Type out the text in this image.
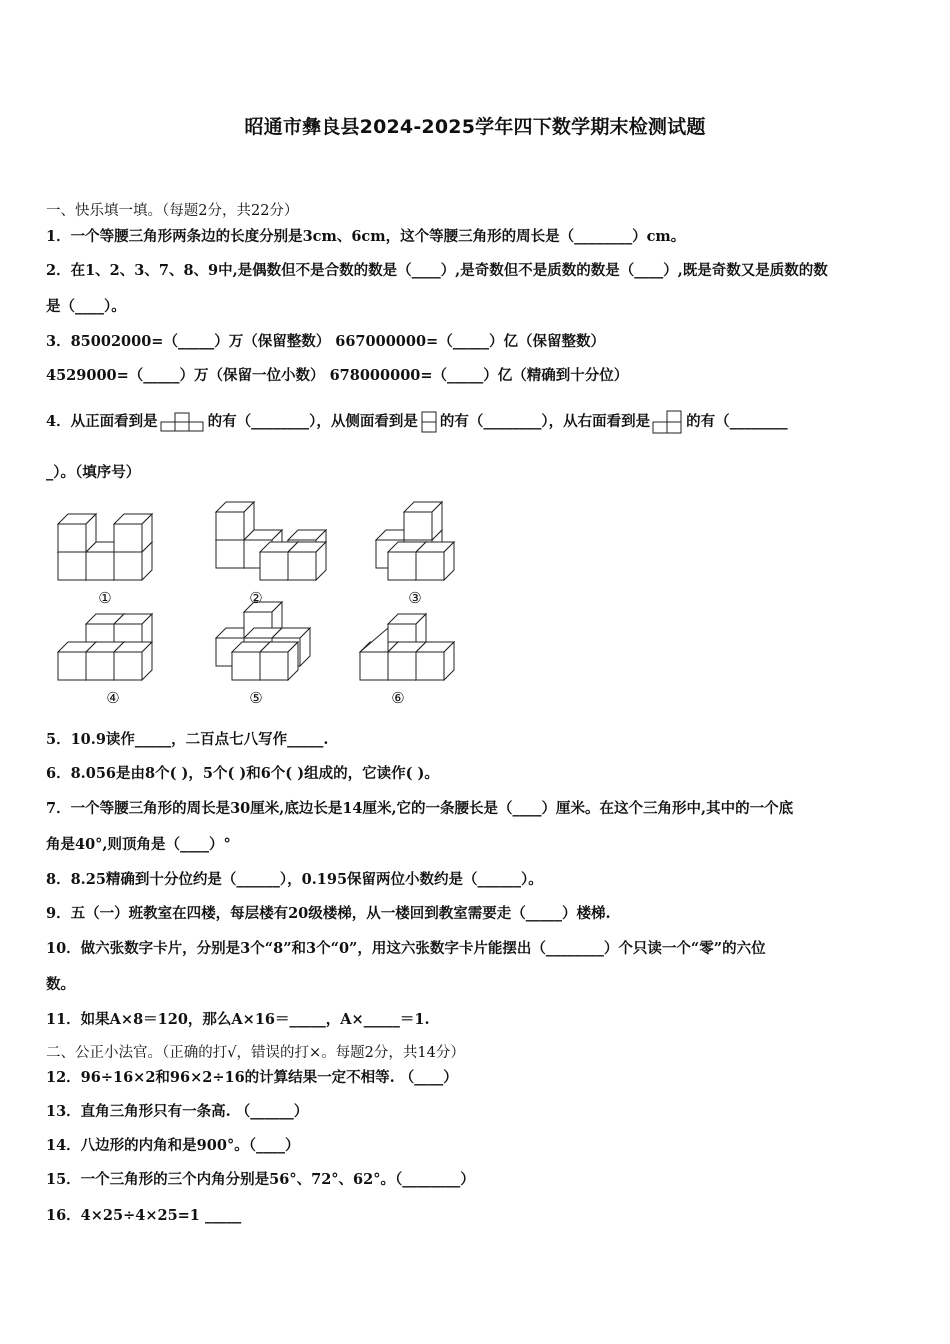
昭通市彝良县2024-2025学年四下数学期末检测试题
一、快乐填一填。（每题2分，共22分）
1．一个等腰三角形两条边的长度分别是3cm、6cm，这个等腰三角形的周长是（________）cm。
2．在1、2、3、7、8、9中,是偶数但不是合数的数是（____）,是奇数但不是质数的数是（____）,既是奇数又是质数的数
是（____）。
3．85002000=（_____）万（保留整数） 667000000=（_____）亿（保留整数）
4529000=（_____）万（保留一位小数） 678000000=（_____）亿（精确到十分位）
4．从正面看到是	的有（________），从侧面看到是 的有（________），从右面看到是 的有（________
_）。（填序号）
①	②	③
④	⑤	⑥
5．10.9读作_____，二百点七八写作_____.
6．8.056是由8个( )，5个( )和6个( )组成的，它读作( )。
7．一个等腰三角形的周长是30厘米,底边长是14厘米,它的一条腰长是（____）厘米。在这个三角形中,其中的一个底
角是40°,则顶角是（____）°
8．8.25精确到十分位约是（______），0.195保留两位小数约是（______）。
9．五（一）班教室在四楼，每层楼有20级楼梯，从一楼回到教室需要走（_____）楼梯.
10．做六张数字卡片，分别是3个“8”和3个“0”，用这六张数字卡片能摆出（________）个只读一个“零”的六位
数。
11．如果A×8＝120，那么A×16＝_____，A×_____＝1.
二、公正小法官。（正确的打√，错误的打×。每题2分，共14分）
12．96÷16×2和96×2÷16的计算结果一定不相等. （____）
13．直角三角形只有一条高. （______）
14．八边形的内角和是900°。（____）
15．一个三角形的三个内角分别是56°、72°、62°。（________）
16．4×25÷4×25=1 _____
